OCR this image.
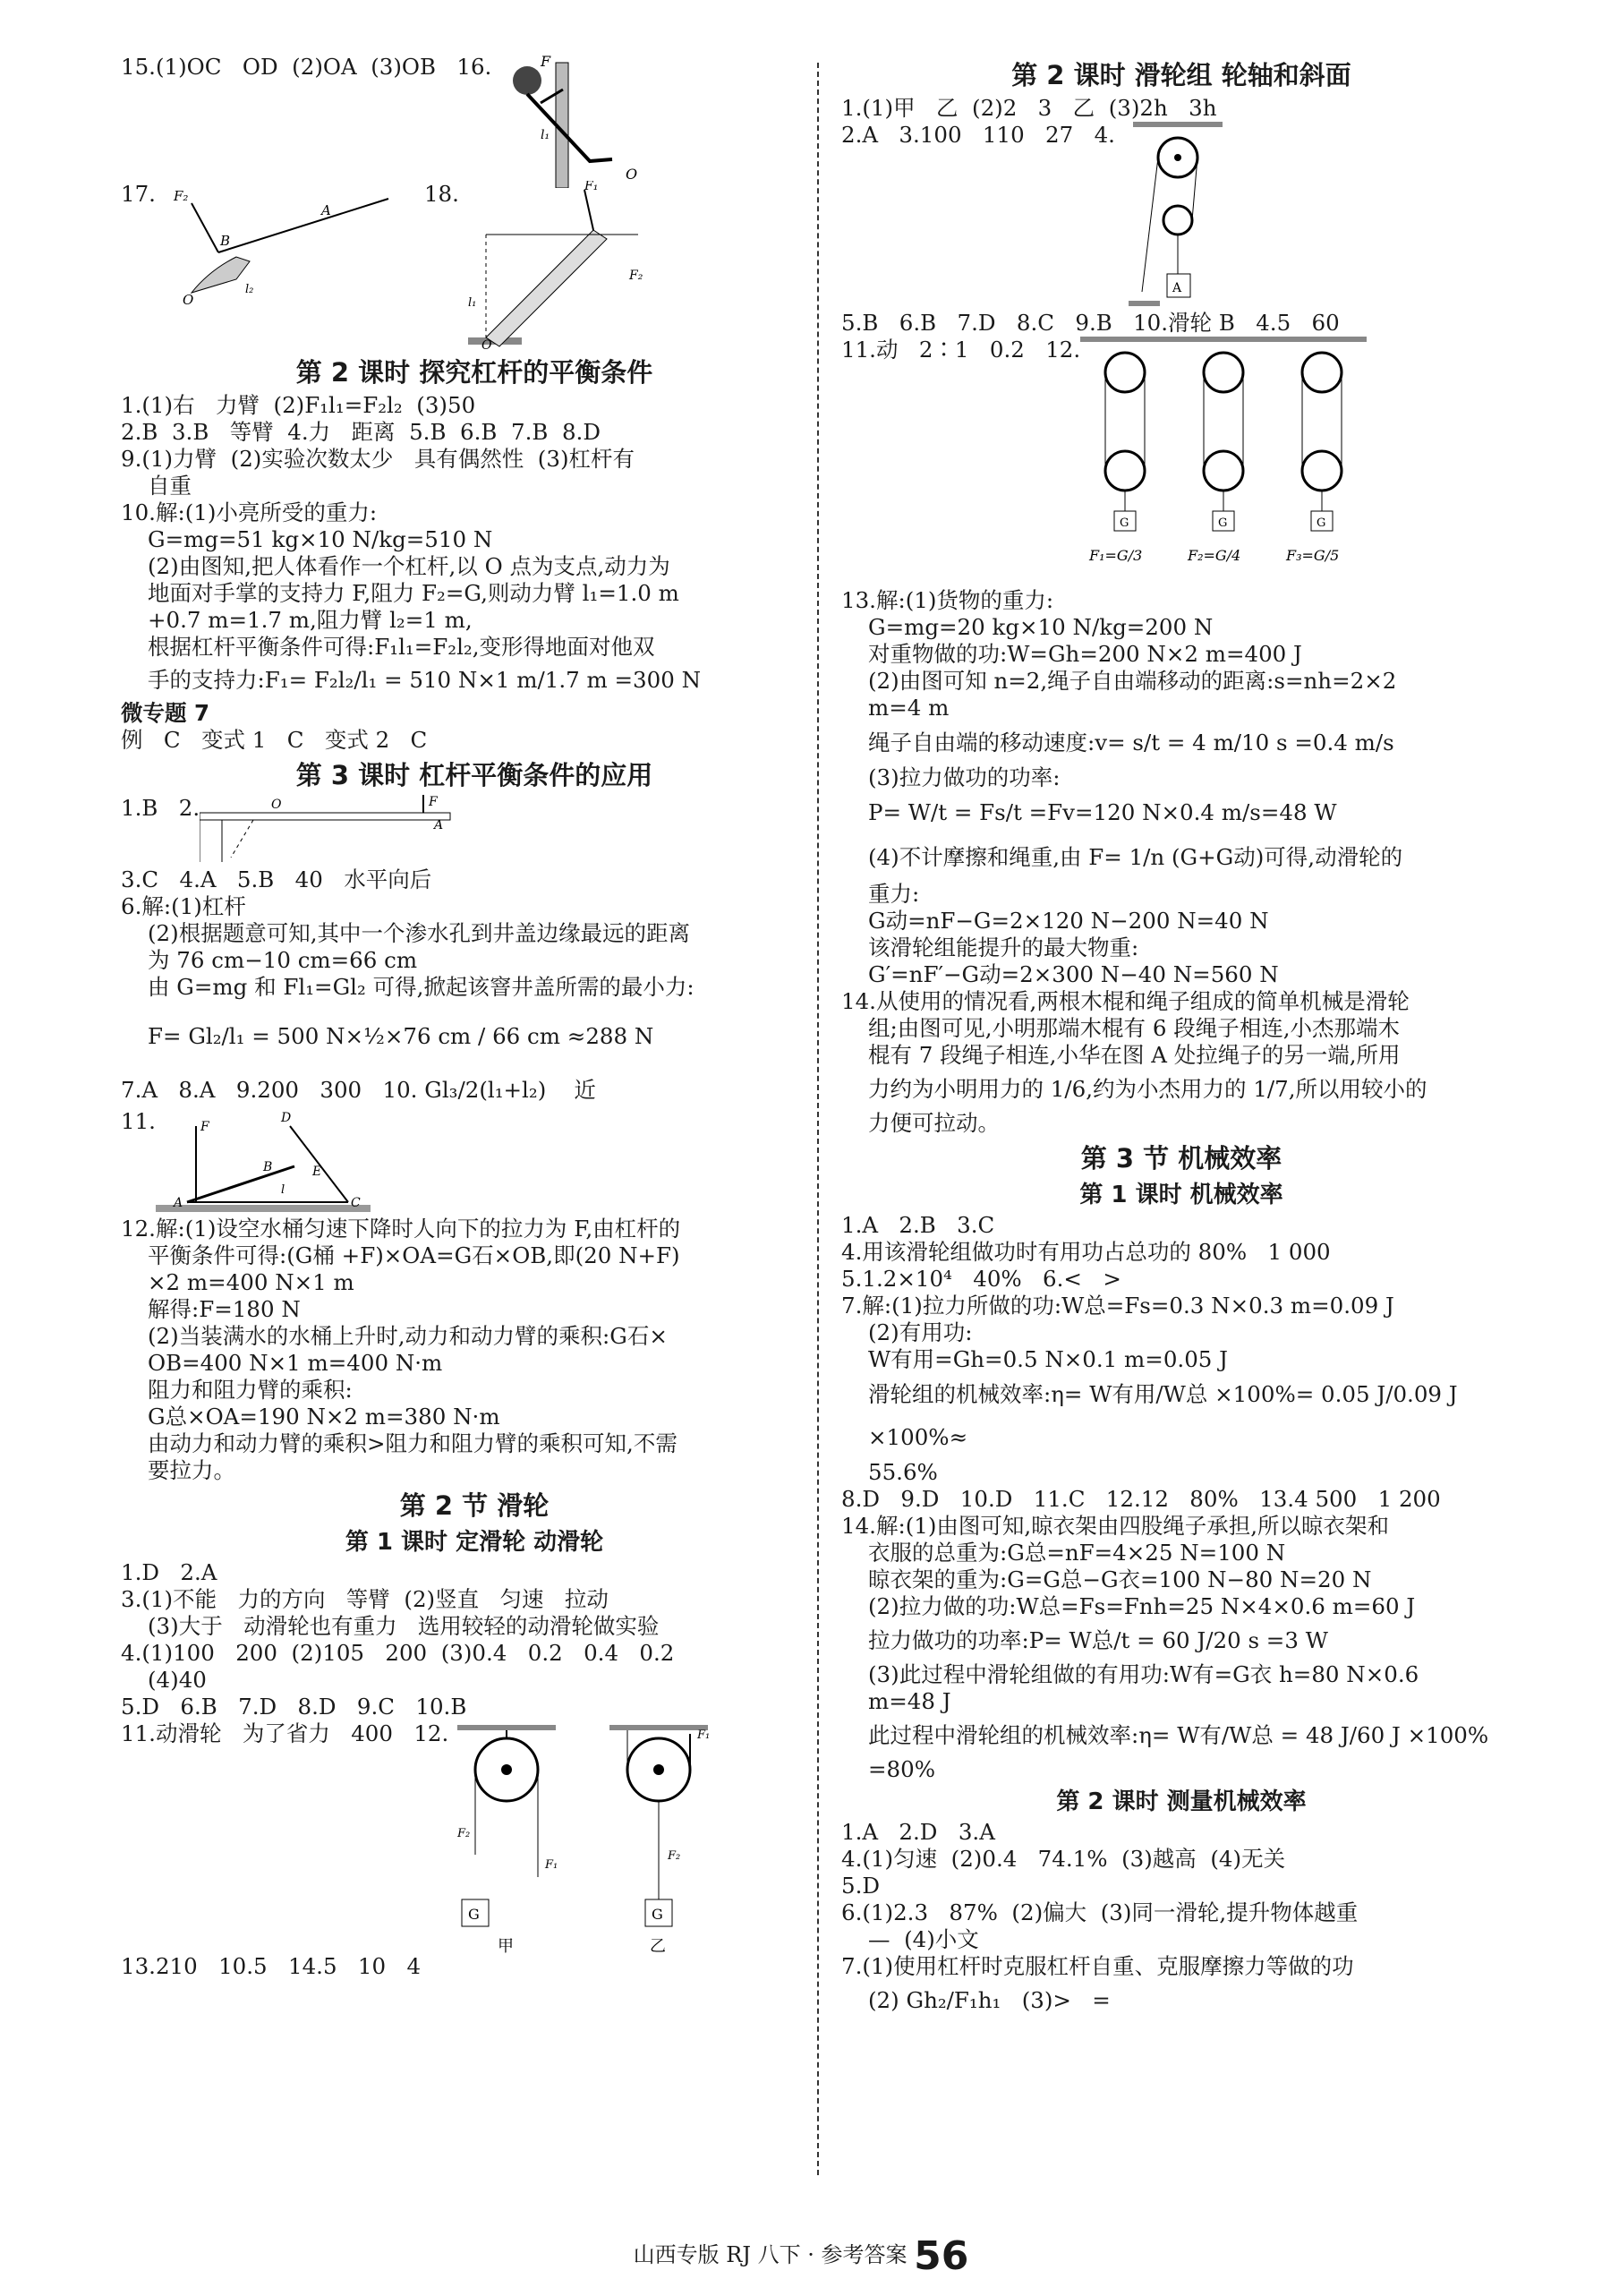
15.(1)OC   OD  (2)OA  (3)OB   16.	F
l₁
O

17. F₂
B
A
O
l₂

18.	F₁
F₂
l₁
O
第 2 课时 探究杠杆的平衡条件

1.(1)右   力臂  (2)F₁l₁=F₂l₂  (3)50

2.B  3.B   等臂  4.力   距离  5.B  6.B  7.B  8.D

9.(1)力臂  (2)实验次数太少   具有偶然性  (3)杠杆有

自重

10.解:(1)小亮所受的重力:

G=mg=51 kg×10 N/kg=510 N

(2)由图知,把人体看作一个杠杆,以 O 点为支点,动力为

地面对手掌的支持力 F,阻力 F₂=G,则动力臂 l₁=1.0 m

+0.7 m=1.7 m,阻力臂 l₂=1 m,

根据杠杆平衡条件可得:F₁l₁=F₂l₂,变形得地面对他双

手的支持力:F₁= F₂l₂/l₁ = 510 N×1 m/1.7 m =300 N

微专题 7

例   C   变式 1   C   变式 2   C

第 3 课时 杠杆平衡条件的应用

1.B   2.	O	F
A

3.C   4.A   5.B   40   水平向后

6.解:(1)杠杆

(2)根据题意可知,其中一个渗水孔到井盖边缘最远的距离

为 76 cm−10 cm=66 cm

由 G=mg 和 Fl₁=Gl₂ 可得,掀起该窨井盖所需的最小力:

F= Gl₂/l₁ = 500 N×½×76 cm / 66 cm ≈288 N

7.A   8.A   9.200   300   10. Gl₃/2(l₁+l₂)    近

11.	F
D
B	E
A	C
l

12.解:(1)设空水桶匀速下降时人向下的拉力为 F,由杠杆的

平衡条件可得:(G桶 +F)×OA=G石×OB,即(20 N+F)

×2 m=400 N×1 m

解得:F=180 N

(2)当装满水的水桶上升时,动力和动力臂的乘积:G石×

OB=400 N×1 m=400 N·m

阻力和阻力臂的乘积:

G总×OA=190 N×2 m=380 N·m

由动力和动力臂的乘积>阻力和阻力臂的乘积可知,不需

要拉力。

第 2 节 滑轮
第 1 课时 定滑轮 动滑轮

1.D   2.A

3.(1)不能   力的方向   等臂  (2)竖直   匀速   拉动

(3)大于   动滑轮也有重力   选用较轻的动滑轮做实验

4.(1)100   200  (2)105   200  (3)0.4   0.2   0.4   0.2

(4)40

5.D   6.B   7.D   8.D   9.C   10.B

11.动滑轮   为了省力   400   12.

G
F₂
F₁
甲
G
F₁
F₂
乙

13.210   10.5   14.5   10   4

第 2 课时 滑轮组 轮轴和斜面

1.(1)甲   乙  (2)2   3   乙  (3)2h   3h

2.A   3.100   110   27   4.

A

5.B   6.B   7.D   8.C   9.B   10.滑轮 B   4.5   60

11.动   2∶1   0.2   12.

G	G	G
F₁=G/3	F₂=G/4	F₃=G/5

13.解:(1)货物的重力:

G=mg=20 kg×10 N/kg=200 N

对重物做的功:W=Gh=200 N×2 m=400 J

(2)由图可知 n=2,绳子自由端移动的距离:s=nh=2×2

m=4 m

绳子自由端的移动速度:v= s/t = 4 m/10 s =0.4 m/s

(3)拉力做功的功率:

P= W/t = Fs/t =Fv=120 N×0.4 m/s=48 W

(4)不计摩擦和绳重,由 F= 1/n (G+G动)可得,动滑轮的

重力:

G动=nF−G=2×120 N−200 N=40 N

该滑轮组能提升的最大物重:

G′=nF′−G动=2×300 N−40 N=560 N

14.从使用的情况看,两根木棍和绳子组成的简单机械是滑轮

组;由图可见,小明那端木棍有 6 段绳子相连,小杰那端木

棍有 7 段绳子相连,小华在图 A 处拉绳子的另一端,所用

力约为小明用力的 1/6,约为小杰用力的 1/7,所以用较小的

力便可拉动。

第 3 节 机械效率
第 1 课时 机械效率

1.A   2.B   3.C

4.用该滑轮组做功时有用功占总功的 80%   1 000

5.1.2×10⁴   40%   6.<   >

7.解:(1)拉力所做的功:W总=Fs=0.3 N×0.3 m=0.09 J

(2)有用功:

W有用=Gh=0.5 N×0.1 m=0.05 J

滑轮组的机械效率:η= W有用/W总 ×100%= 0.05 J/0.09 J ×100%≈

55.6%

8.D   9.D   10.D   11.C   12.12   80%   13.4 500   1 200

14.解:(1)由图可知,晾衣架由四股绳子承担,所以晾衣架和

衣服的总重为:G总=nF=4×25 N=100 N

晾衣架的重为:G=G总−G衣=100 N−80 N=20 N

(2)拉力做的功:W总=Fs=Fnh=25 N×4×0.6 m=60 J

拉力做功的功率:P= W总/t = 60 J/20 s =3 W

(3)此过程中滑轮组做的有用功:W有=G衣 h=80 N×0.6

m=48 J

此过程中滑轮组的机械效率:η= W有/W总 = 48 J/60 J ×100%

=80%

第 2 课时 测量机械效率

1.A   2.D   3.A

4.(1)匀速  (2)0.4   74.1%  (3)越高  (4)无关

5.D

6.(1)2.3   87%  (2)偏大  (3)同一滑轮,提升物体越重

—  (4)小文

7.(1)使用杠杆时克服杠杆自重、克服摩擦力等做的功

(2) Gh₂/F₁h₁   (3)>   =

山西专版 RJ 八下 · 参考答案 56
